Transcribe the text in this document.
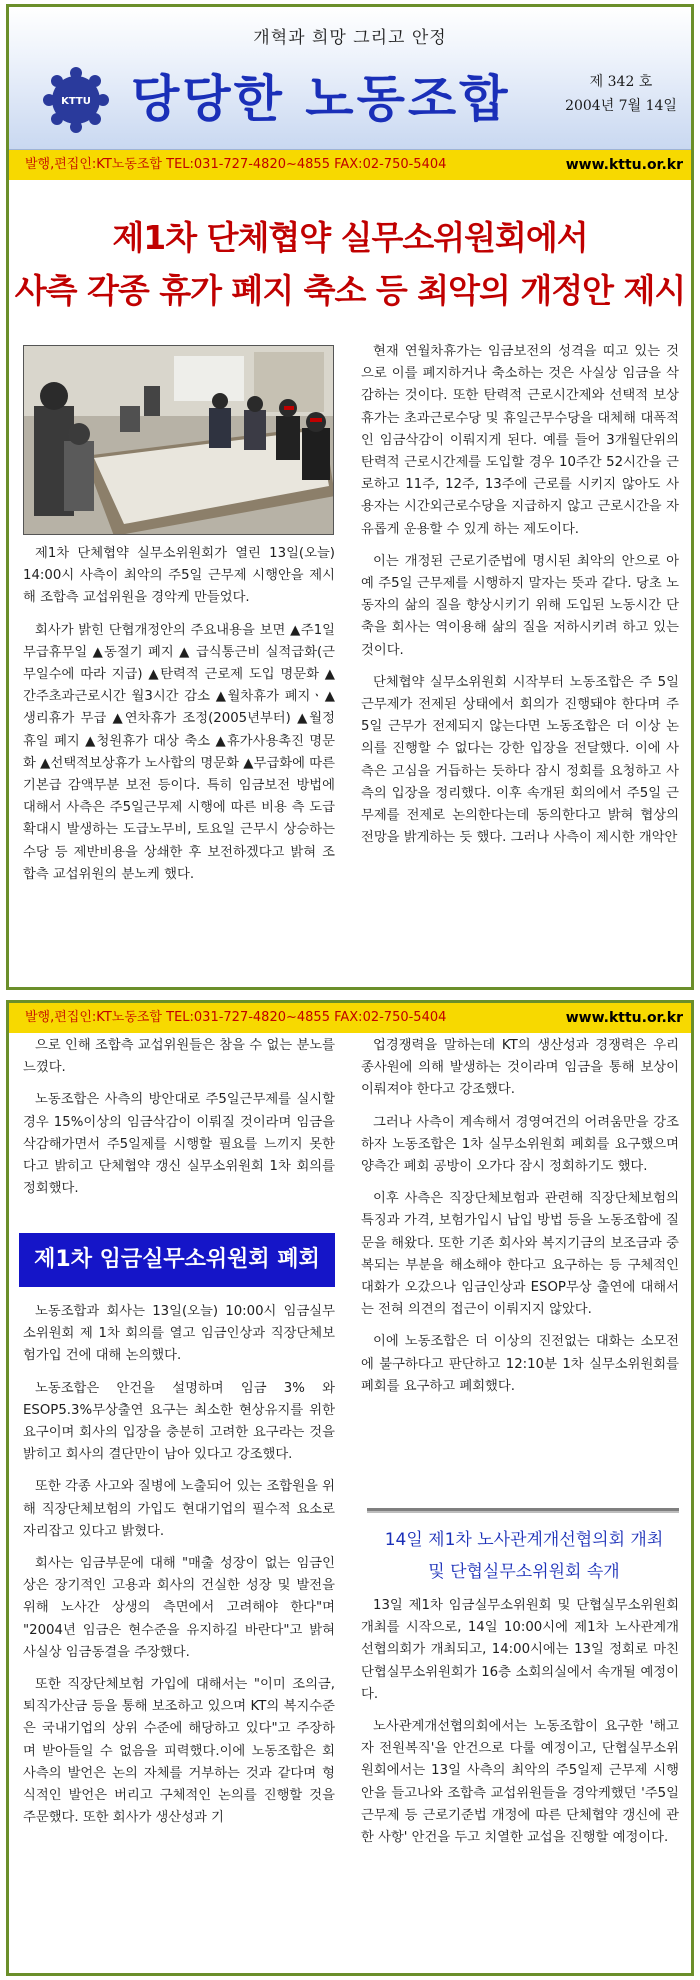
개혁과 희망 그리고 안정
KTTU 당당한 노동조합	제 342 호
2004년 7월 14일
발행,편집인:KT노동조합 TEL:031-727-4820~4855 FAX:02-750-5404	www.kttu.or.kr
제1차 단체협약 실무소위원회에서
사측 각종 휴가 폐지 축소 등 최악의 개정안 제시

제1차 단체협약 실무소위원회가 열린 13일(오늘) 14:00시 사측이 최악의 주5일 근무제 시행안을 제시해 조합측 교섭위원을 경악케 만들었다.

회사가 밝힌 단협개정안의 주요내용을 보면 ▲주1일 무급휴무일 ▲동절기 폐지 ▲ 급식통근비 실적급화(근무일수에 따라 지급) ▲탄력적 근로제 도입 명문화 ▲ 간주초과근로시간 월3시간 감소 ▲월차휴가 폐지ㆍ▲생리휴가 무급 ▲연차휴가 조정(2005년부터) ▲월정휴일 폐지 ▲청원휴가 대상 축소 ▲휴가사용촉진 명문화 ▲선택적보상휴가 노사합의 명문화 ▲무급화에 따른 기본급 감액무분 보전 등이다. 특히 임금보전 방법에 대해서 사측은 주5일근무제 시행에 따른 비용 측 도급 확대시 발생하는 도급노무비, 토요일 근무시 상승하는 수당 등 제반비용을 상쇄한 후 보전하겠다고 밝혀 조합측 교섭위원의 분노케 했다.

현재 연월차휴가는 임금보전의 성격을 띠고 있는 것으로 이를 폐지하거나 축소하는 것은 사실상 임금을 삭감하는 것이다. 또한 탄력적 근로시간제와 선택적 보상휴가는 초과근로수당 및 휴일근무수당을 대체해 대폭적인 임금삭감이 이뤄지게 된다. 예를 들어 3개월단위의 탄력적 근로시간제를 도입할 경우 10주간 52시간을 근로하고 11주, 12주, 13주에 근로를 시키지 않아도 사용자는 시간외근로수당을 지급하지 않고 근로시간을 자유롭게 운용할 수 있게 하는 제도이다.

이는 개정된 근로기준법에 명시된 최악의 안으로 아예 주5일 근무제를 시행하지 말자는 뜻과 같다. 당초 노동자의 삶의 질을 향상시키기 위해 도입된 노동시간 단축을 회사는 역이용해 삶의 질을 저하시키려 하고 있는 것이다.

단체협약 실무소위원회 시작부터 노동조합은 주 5일근무제가 전제된 상태에서 회의가 진행돼야 한다며 주 5일 근무가 전제되지 않는다면 노동조합은 더 이상 논의를 진행할 수 없다는 강한 입장을 전달했다. 이에 사측은 고심을 거듭하는 듯하다 잠시 정회를 요청하고 사측의 입장을 정리했다. 이후 속개된 회의에서 주5일 근무제를 전제로 논의한다는데 동의한다고 밝혀 협상의 전망을 밝게하는 듯 했다. 그러나 사측이 제시한 개악안

발행,편집인:KT노동조합 TEL:031-727-4820~4855 FAX:02-750-5404	www.kttu.or.kr

으로 인해 조합측 교섭위원들은 참을 수 없는 분노를 느꼈다.

노동조합은 사측의 방안대로 주5일근무제를 실시할 경우 15%이상의 임금삭감이 이뤄질 것이라며 임금을 삭감해가면서 주5일제를 시행할 필요를 느끼지 못한다고 밝히고 단체협약 갱신 실무소위원회 1차 회의를 정회했다.

제1차 임금실무소위원회 폐회

노동조합과 회사는 13일(오늘) 10:00시 임금실무소위원회 제 1차 회의를 열고 임금인상과 직장단체보험가입 건에 대해 논의했다.

노동조합은 안건을 설명하며 임금 3% 와 ESOP5.3%무상출연 요구는 최소한 현상유지를 위한 요구이며 회사의 입장을 충분히 고려한 요구라는 것을 밝히고 회사의 결단만이 남아 있다고 강조했다.

또한 각종 사고와 질병에 노출되어 있는 조합원을 위해 직장단체보험의 가입도 현대기업의 필수적 요소로 자리잡고 있다고 밝혔다.

회사는 임금부문에 대해 "매출 성장이 없는 임금인상은 장기적인 고용과 회사의 건실한 성장 및 발전을 위해 노사간 상생의 측면에서 고려해야 한다"며 "2004년 임금은 현수준을 유지하길 바란다"고 밝혀 사실상 임금동결을 주장했다.

또한 직장단체보험 가입에 대해서는 "이미 조의금, 퇴직가산금 등을 통해 보조하고 있으며 KT의 복지수준은 국내기업의 상위 수준에 해당하고 있다"고 주장하며 받아들일 수 없음을 피력했다.이에 노동조합은 회사측의 발언은 논의 자체를 거부하는 것과 같다며 형식적인 발언은 버리고 구체적인 논의를 진행할 것을 주문했다. 또한 회사가 생산성과 기

업경쟁력을 말하는데 KT의 생산성과 경쟁력은 우리 종사원에 의해 발생하는 것이라며 임금을 통해 보상이 이뤄져야 한다고 강조했다.

그러나 사측이 계속해서 경영여건의 어려움만을 강조하자 노동조합은 1차 실무소위원회 폐회를 요구했으며 양측간 폐회 공방이 오가다 잠시 정회하기도 했다.

이후 사측은 직장단체보험과 관련해 직장단체보험의 특징과 가격, 보험가입시 납입 방법 등을 노동조합에 질문을 해왔다. 또한 기존 회사와 복지기금의 보조금과 중복되는 부분을 해소해야 한다고 요구하는 등 구체적인 대화가 오갔으나 임금인상과 ESOP무상 출연에 대해서는 전혀 의견의 접근이 이뤄지지 않았다.

이에 노동조합은 더 이상의 진전없는 대화는 소모전에 불구하다고 판단하고 12:10분 1차 실무소위원회를 폐회를 요구하고 폐회했다.

14일 제1차 노사관계개선협의회 개최
및 단협실무소위원회 속개

13일 제1차 임금실무소위원회 및 단협실무소위원회 개최를 시작으로, 14일 10:00시에 제1차 노사관계개선협의회가 개최되고, 14:00시에는 13일 정회로 마친 단협실무소위원회가 16층 소회의실에서 속개될 예정이다.

노사관계개선협의회에서는 노동조합이 요구한 '해고자 전원복직'을 안건으로 다룰 예정이고, 단협실무소위원회에서는 13일 사측의 최악의 주5일제 근무제 시행안을 들고나와 조합측 교섭위원들을 경악케했던 '주5일 근무제 등 근로기준법 개정에 따른 단체협약 갱신에 관한 사항' 안건을 두고 치열한 교섭을 진행할 예정이다.
